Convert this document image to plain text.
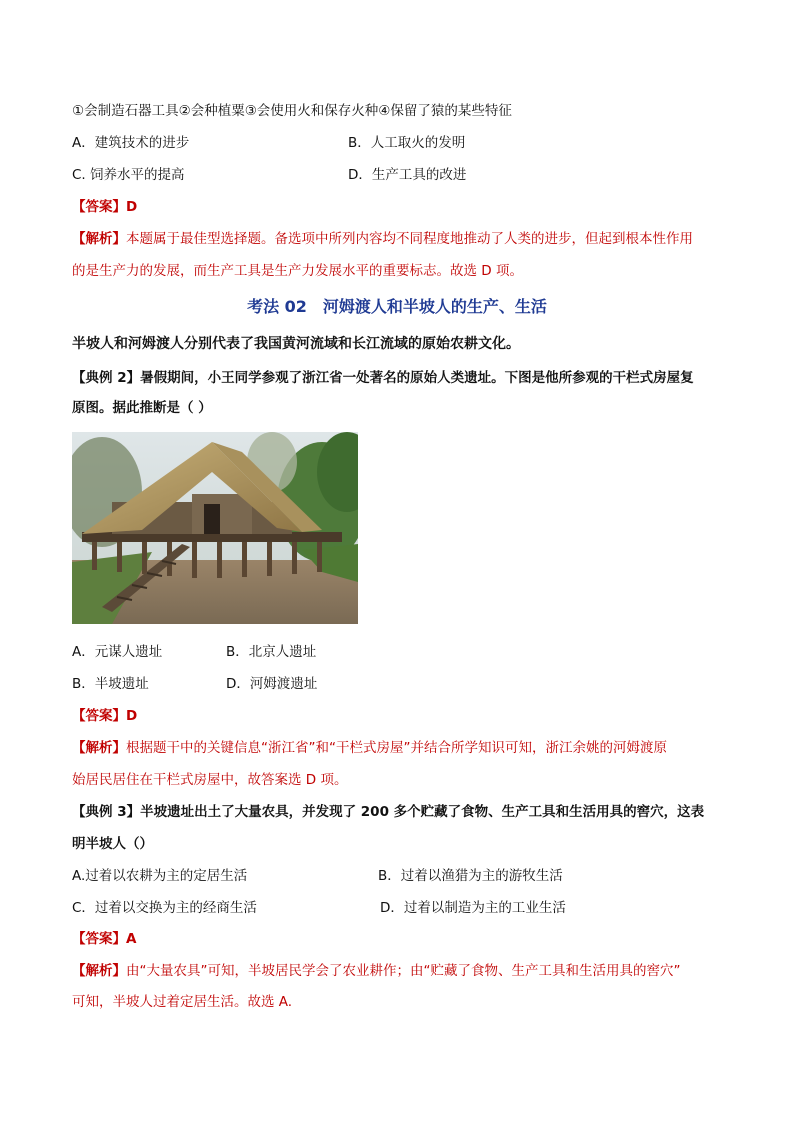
①会制造石器工具②会种植粟③会使用火和保存火种④保留了猿的某些特征
A．建筑技术的进步	B．人工取火的发明
C. 饲养水平的提高	D．生产工具的改进
【答案】D
【解析】本题属于最佳型选择题。备选项中所列内容均不同程度地推动了人类的进步，但起到根本性作用
的是生产力的发展，而生产工具是生产力发展水平的重要标志。故选 D 项。
考法 02　河姆渡人和半坡人的生产、生活
半坡人和河姆渡人分别代表了我国黄河流域和长江流域的原始农耕文化。
【典例 2】暑假期间，小王同学参观了浙江省一处著名的原始人类遗址。下图是他所参观的干栏式房屋复
原图。据此推断是（ ）
A．元谋人遗址	B．北京人遗址
B．半坡遗址	D．河姆渡遗址
【答案】D
【解析】根据题干中的关键信息“浙江省”和“干栏式房屋”并结合所学知识可知，浙江余姚的河姆渡原
始居民居住在干栏式房屋中，故答案选 D 项。
【典例 3】半坡遗址出土了大量农具，并发现了 200 多个贮藏了食物、生产工具和生活用具的窖穴，这表
明半坡人（）
A.过着以农耕为主的定居生活	B．过着以渔猎为主的游牧生活
C．过着以交换为主的经商生活	D．过着以制造为主的工业生活
【答案】A
【解析】由“大量农具”可知，半坡居民学会了农业耕作；由“贮藏了食物、生产工具和生活用具的窖穴”
可知，半坡人过着定居生活。故选 A.
